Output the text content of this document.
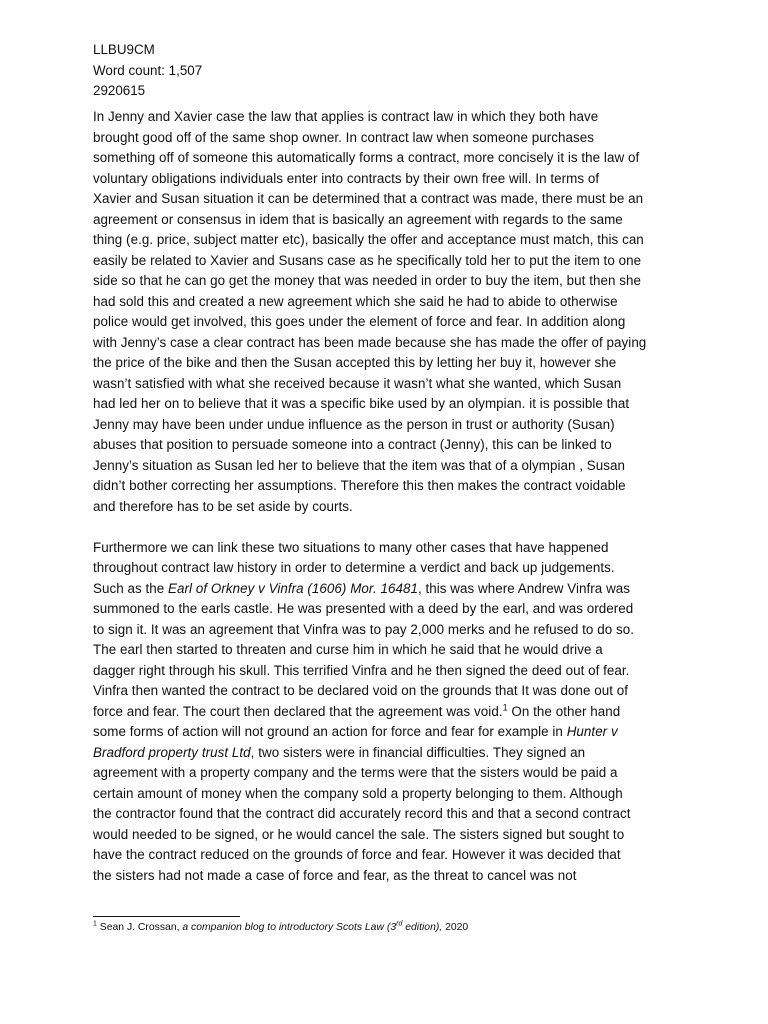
LLBU9CM
Word count: 1,507
2920615
In Jenny and Xavier case the law that applies is contract law in which they both have
brought good off of the same shop owner. In contract law when someone purchases
something off of someone this automatically forms a contract, more concisely it is the law of
voluntary obligations individuals enter into contracts by their own free will. In terms of
Xavier and Susan situation it can be determined that a contract was made, there must be an
agreement or consensus in idem that is basically an agreement with regards to the same
thing (e.g. price, subject matter etc), basically the offer and acceptance must match, this can
easily be related to Xavier and Susans case as he specifically told her to put the item to one
side so that he can go get the money that was needed in order to buy the item, but then she
had sold this and created a new agreement which she said he had to abide to otherwise
police would get involved, this goes under the element of force and fear. In addition along
with Jenny’s case a clear contract has been made because she has made the offer of paying
the price of the bike and then the Susan accepted this by letting her buy it, however she
wasn’t satisfied with what she received because it wasn’t what she wanted, which Susan
had led her on to believe that it was a specific bike used by an olympian. it is possible that
Jenny may have been under undue influence as the person in trust or authority (Susan)
abuses that position to persuade someone into a contract (Jenny), this can be linked to
Jenny’s situation as Susan led her to believe that the item was that of a olympian , Susan
didn’t bother correcting her assumptions. Therefore this then makes the contract voidable
and therefore has to be set aside by courts.
Furthermore we can link these two situations to many other cases that have happened
throughout contract law history in order to determine a verdict and back up judgements.
Such as the Earl of Orkney v Vinfra (1606) Mor. 16481, this was where Andrew Vinfra was
summoned to the earls castle. He was presented with a deed by the earl, and was ordered
to sign it. It was an agreement that Vinfra was to pay 2,000 merks and he refused to do so.
The earl then started to threaten and curse him in which he said that he would drive a
dagger right through his skull. This terrified Vinfra and he then signed the deed out of fear.
Vinfra then wanted the contract to be declared void on the grounds that It was done out of
force and fear. The court then declared that the agreement was void.$^1$ On the other hand
some forms of action will not ground an action for force and fear for example in Hunter v
Bradford property trust Ltd, two sisters were in financial difficulties. They signed an
agreement with a property company and the terms were that the sisters would be paid a
certain amount of money when the company sold a property belonging to them. Although
the contractor found that the contract did accurately record this and that a second contract
would needed to be signed, or he would cancel the sale. The sisters signed but sought to
have the contract reduced on the grounds of force and fear. However it was decided that
the sisters had not made a case of force and fear, as the threat to cancel was not
$^1$ Sean J. Crossan, a companion blog to introductory Scots Law (3rd edition), 2020
